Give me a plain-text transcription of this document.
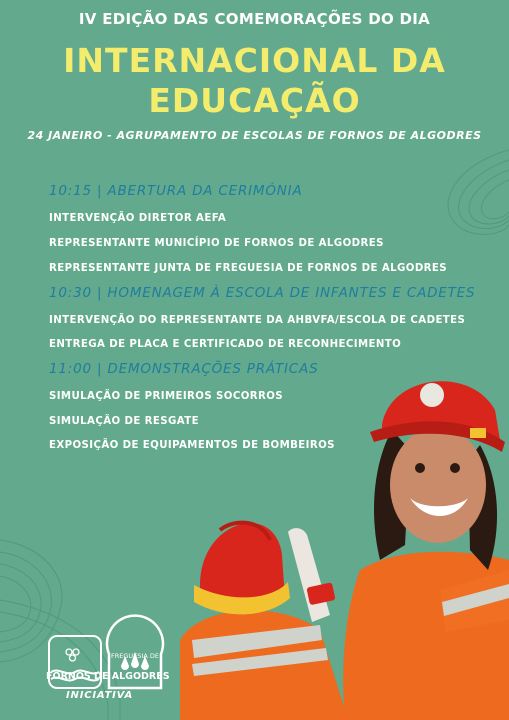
IV EDIÇÃO DAS COMEMORAÇÕES DO DIA
INTERNACIONAL DA
EDUCAÇÃO
24 JANEIRO - AGRUPAMENTO DE ESCOLAS DE FORNOS DE ALGODRES
10:15 | ABERTURA DA CERIMÓNIA
INTERVENÇÃO DIRETOR AEFA
REPRESENTANTE MUNICÍPIO DE FORNOS DE ALGODRES
REPRESENTANTE JUNTA DE FREGUESIA DE FORNOS DE ALGODRES
10:30 | HOMENAGEM À ESCOLA DE INFANTES E CADETES
INTERVENÇÃO DO REPRESENTANTE DA AHBVFA/ESCOLA DE CADETES
ENTREGA DE PLACA E CERTIFICADO DE RECONHECIMENTO
11:00 | DEMONSTRAÇÕES PRÁTICAS
SIMULAÇÃO DE PRIMEIROS SOCORROS
SIMULAÇÃO DE RESGATE
EXPOSIÇÃO DE EQUIPAMENTOS DE BOMBEIROS
FREGUESIA DE
FORNOS DE ALGODRES
INICIATIVA
